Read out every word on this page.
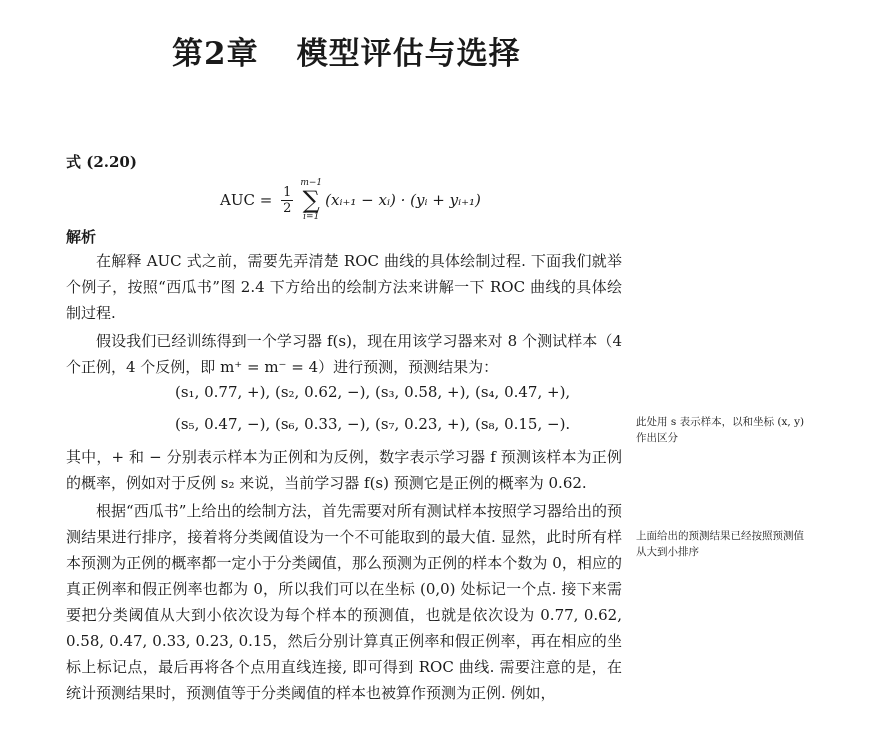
第2章 模型评估与选择
式 (2.20)
AUC = $\frac{1}{2}$
m−1
∑
i=1
(xᵢ₊₁ − xᵢ) · (yᵢ + yᵢ₊₁)
解析

在解释 AUC 式之前，需要先弄清楚 ROC 曲线的具体绘制过程. 下面我们就举个例子，按照“西瓜书”图 2.4 下方给出的绘制方法来讲解一下 ROC 曲线的具体绘制过程.

假设我们已经训练得到一个学习器 f(s)，现在用该学习器来对 8 个测试样本（4 个正例，4 个反例，即 m⁺ = m⁻ = 4）进行预测，预测结果为：

(s₁, 0.77, +), (s₂, 0.62, −), (s₃, 0.58, +), (s₄, 0.47, +),
(s₅, 0.47, −), (s₆, 0.33, −), (s₇, 0.23, +), (s₈, 0.15, −).

其中，+ 和 − 分别表示样本为正例和为反例，数字表示学习器 f 预测该样本为正例的概率，例如对于反例 s₂ 来说，当前学习器 f(s) 预测它是正例的概率为 0.62.

根据“西瓜书”上给出的绘制方法，首先需要对所有测试样本按照学习器给出的预测结果进行排序，接着将分类阈值设为一个不可能取到的最大值. 显然，此时所有样本预测为正例的概率都一定小于分类阈值，那么预测为正例的样本个数为 0，相应的真正例率和假正例率也都为 0，所以我们可以在坐标 (0,0) 处标记一个点. 接下来需要把分类阈值从大到小依次设为每个样本的预测值，也就是依次设为 0.77, 0.62, 0.58, 0.47, 0.33, 0.23, 0.15，然后分别计算真正例率和假正例率，再在相应的坐标上标记点，最后再将各个点用直线连接, 即可得到 ROC 曲线. 需要注意的是，在统计预测结果时，预测值等于分类阈值的样本也被算作预测为正例. 例如，

此处用 s 表示样本，以和坐标 (x, y) 作出区分
上面给出的预测结果已经按照预测值从大到小排序
